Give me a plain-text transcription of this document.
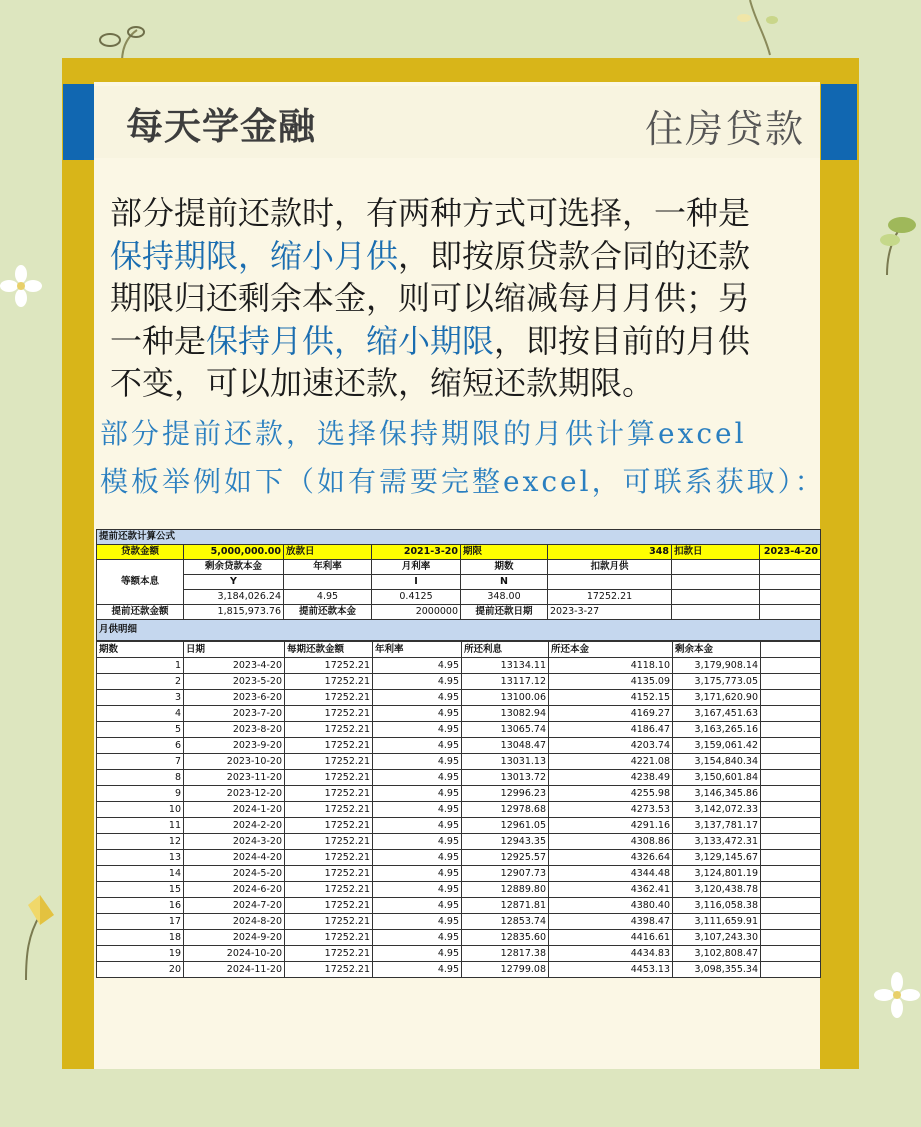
每天学金融	住房贷款
部分提前还款时，有两种方式可选择，一种是
保持期限，缩小月供，即按原贷款合同的还款
期限归还剩余本金，则可以缩减每月月供；另
一种是保持月供，缩小期限，即按目前的月供
不变，可以加速还款，缩短还款期限。
部分提前还款，选择保持期限的月供计算excel
模板举例如下（如有需要完整excel，可联系获取）：
提前还款计算公式							
贷款金额	5,000,000.00	放款日	2021-3-20	期限	348	扣款日	2023-4-20
等额本息	剩余贷款本金	年利率	月利率	期数	扣款月供		
	Y		I	N			
	3,184,026.24	4.95	0.4125	348.00	17252.21		
提前还款金额	1,815,973.76	提前还款本金	2000000	提前还款日期	2023-3-27		
月供明细							
期数	日期	每期还款金额	年利率	所还利息	所还本金	剩余本金	
1	2023-4-20	17252.21	4.95	13134.11	4118.10	3,179,908.14	
2	2023-5-20	17252.21	4.95	13117.12	4135.09	3,175,773.05	
3	2023-6-20	17252.21	4.95	13100.06	4152.15	3,171,620.90	
4	2023-7-20	17252.21	4.95	13082.94	4169.27	3,167,451.63	
5	2023-8-20	17252.21	4.95	13065.74	4186.47	3,163,265.16	
6	2023-9-20	17252.21	4.95	13048.47	4203.74	3,159,061.42	
7	2023-10-20	17252.21	4.95	13031.13	4221.08	3,154,840.34	
8	2023-11-20	17252.21	4.95	13013.72	4238.49	3,150,601.84	
9	2023-12-20	17252.21	4.95	12996.23	4255.98	3,146,345.86	
10	2024-1-20	17252.21	4.95	12978.68	4273.53	3,142,072.33	
11	2024-2-20	17252.21	4.95	12961.05	4291.16	3,137,781.17	
12	2024-3-20	17252.21	4.95	12943.35	4308.86	3,133,472.31	
13	2024-4-20	17252.21	4.95	12925.57	4326.64	3,129,145.67	
14	2024-5-20	17252.21	4.95	12907.73	4344.48	3,124,801.19	
15	2024-6-20	17252.21	4.95	12889.80	4362.41	3,120,438.78	
16	2024-7-20	17252.21	4.95	12871.81	4380.40	3,116,058.38	
17	2024-8-20	17252.21	4.95	12853.74	4398.47	3,111,659.91	
18	2024-9-20	17252.21	4.95	12835.60	4416.61	3,107,243.30	
19	2024-10-20	17252.21	4.95	12817.38	4434.83	3,102,808.47	
20	2024-11-20	17252.21	4.95	12799.08	4453.13	3,098,355.34	
